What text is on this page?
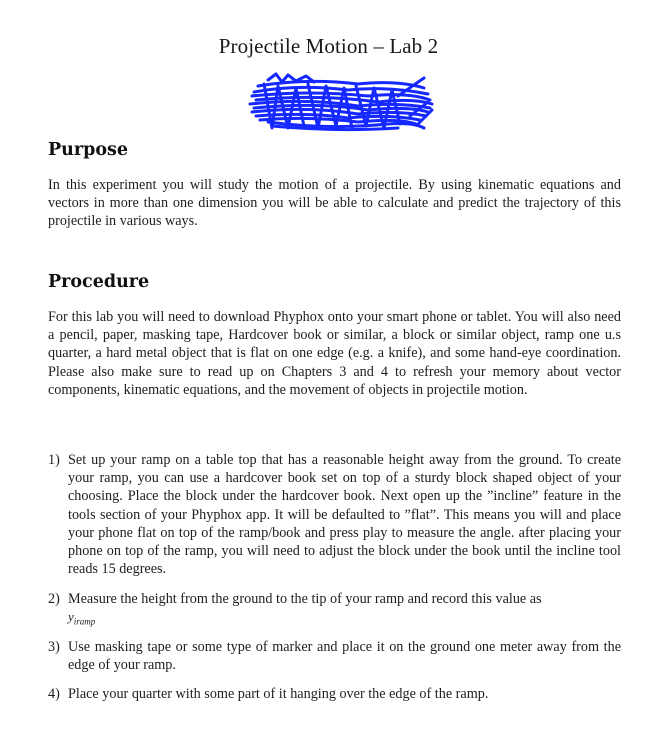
Projectile Motion – Lab 2
Purpose
In this experiment you will study the motion of a projectile. By using kinematic equations and vectors in more than one dimension you will be able to calculate and predict the trajectory of this projectile in various ways.
Procedure
For this lab you will need to download Phyphox onto your smart phone or tablet. You will also need a pencil, paper, masking tape, Hardcover book or similar, a block or similar object, ramp one u.s quarter, a hard metal object that is flat on one edge (e.g. a knife), and some hand-eye coordination. Please also make sure to read up on Chapters 3 and 4 to refresh your memory about vector components, kinematic equations, and the movement of objects in projectile motion.
1) Set up your ramp on a table top that has a reasonable height away from the ground. To create your ramp, you can use a hardcover book set on top of a sturdy block shaped object of your choosing. Place the block under the hardcover book. Next open up the ”incline” feature in the tools section of your Phyphox app. It will be defaulted to ”flat”. This means you will and place your phone flat on top of the ramp/book and press play to measure the angle. after placing your phone on top of the ramp, you will need to adjust the block under the book until the incline tool reads 15 degrees.
2) Measure the height from the ground to the tip of your ramp and record this value as
$y_{iramp}$
3) Use masking tape or some type of marker and place it on the ground one meter away from the edge of your ramp.
4) Place your quarter with some part of it hanging over the edge of the ramp.
